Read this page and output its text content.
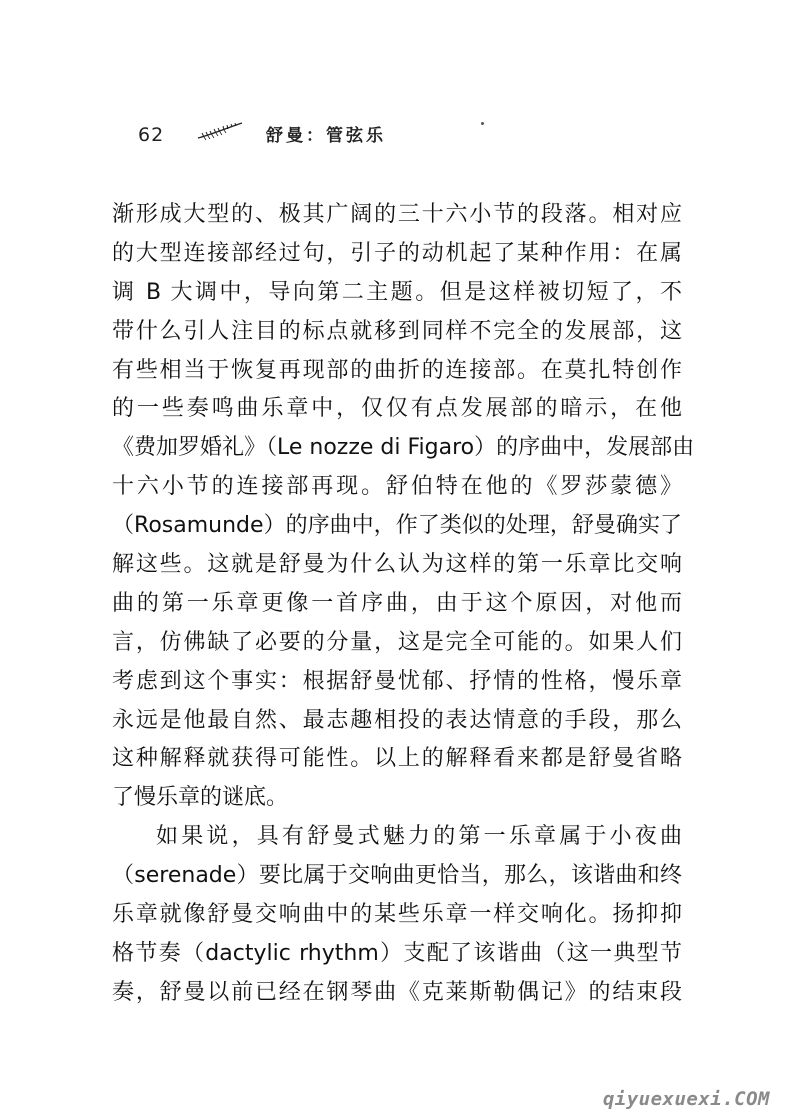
62	舒曼：管弦乐
渐形成大型的、极其广阔的三十六小节的段落。相对应
的大型连接部经过句，引子的动机起了某种作用：在属
调 B 大调中，导向第二主题。但是这样被切短了，不
带什么引人注目的标点就移到同样不完全的发展部，这
有些相当于恢复再现部的曲折的连接部。在莫扎特创作
的一些奏鸣曲乐章中，仅仅有点发展部的暗示，在他
《费加罗婚礼》（Le nozze di Figaro）的序曲中，发展部由
十六小节的连接部再现。舒伯特在他的《罗莎蒙德》
（Rosamunde）的序曲中，作了类似的处理，舒曼确实了
解这些。这就是舒曼为什么认为这样的第一乐章比交响
曲的第一乐章更像一首序曲，由于这个原因，对他而
言，仿佛缺了必要的分量，这是完全可能的。如果人们
考虑到这个事实：根据舒曼忧郁、抒情的性格，慢乐章
永远是他最自然、最志趣相投的表达情意的手段，那么
这种解释就获得可能性。以上的解释看来都是舒曼省略
了慢乐章的谜底。
如果说，具有舒曼式魅力的第一乐章属于小夜曲
（serenade）要比属于交响曲更恰当，那么，该谐曲和终
乐章就像舒曼交响曲中的某些乐章一样交响化。扬抑抑
格节奏（dactylic rhythm）支配了该谐曲（这一典型节
奏，舒曼以前已经在钢琴曲《克莱斯勒偶记》的结束段
qiyuexuexi.COM
